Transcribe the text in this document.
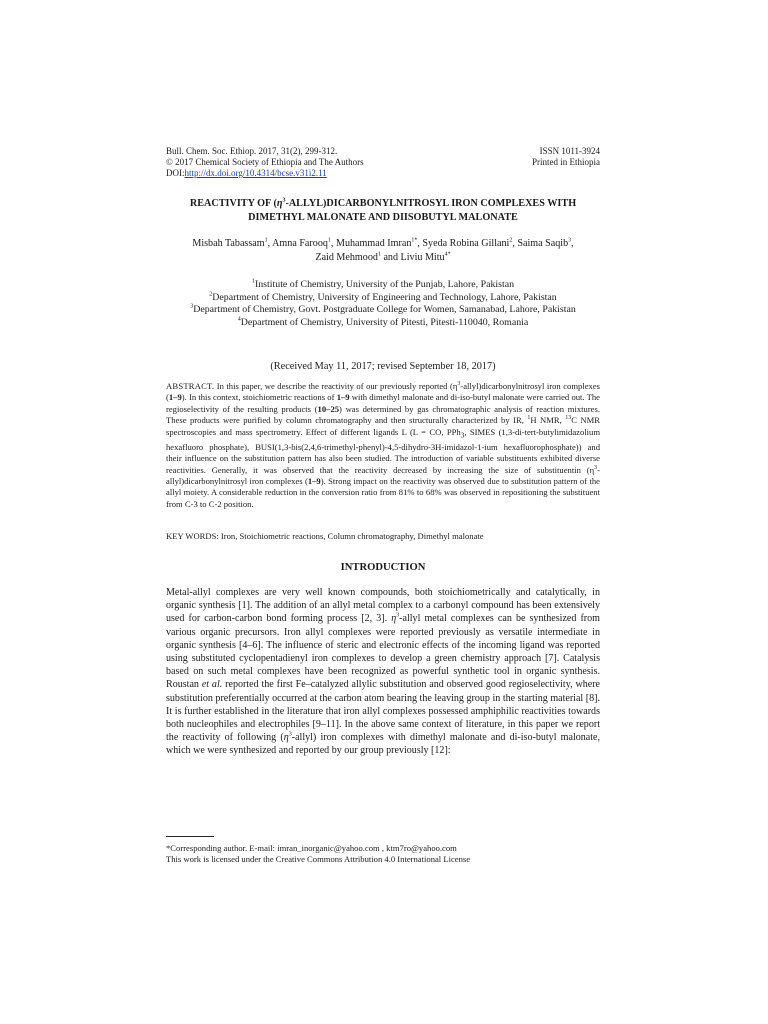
Bull. Chem. Soc. Ethiop. 2017, 31(2), 299-312.	ISSN 1011-3924
© 2017 Chemical Society of Ethiopia and The Authors	Printed in Ethiopia
DOI:http://dx.doi.org/10.4314/bcse.v31i2.11
REACTIVITY OF $(\eta^3-ALLYL)DICARBONYLNITROSYL$ IRON COMPLEXES WITH DIMETHYL MALONATE AND DIISOBUTYL MALONATE
Misbah Tabassam$^1$, Amna Farooq$^1$, Muhammad Imran$^{1*}$, Syeda Robina Gillani$^2$, Saima Saqib$^3$,
Zaid Mehmood$^1$ and Liviu Mitu$^{4*}$
$^1$Institute of Chemistry, University of the Punjab, Lahore, Pakistan
$^2$Department of Chemistry, University of Engineering and Technology, Lahore, Pakistan
$^3$Department of Chemistry, Govt. Postgraduate College for Women, Samanabad, Lahore, Pakistan
$^4$Department of Chemistry, University of Pitesti, Pitesti-110040, Romania
(Received May 11, 2017; revised September 18, 2017)
ABSTRACT. In this paper, we describe the reactivity of our previously reported $(\eta^3-allyl)dicarbonylnitrosyl$ iron complexes (1–9). In this context, stoichiometric reactions of 1–9 with dimethyl malonate and di-iso-butyl malonate were carried out. The regioselectivity of the resulting products (10–25) was determined by gas chromatographic analysis of reaction mixtures. These products were purified by column chromatography and then structurally characterized by IR, $^1$H NMR, $^{13}$C NMR spectroscopies and mass spectrometry. Effect of different ligands L (L = CO, PPh$_3$, SIMES (1,3-di-tert-butylimidazolium hexafluoro phosphate), BUSI(1,3-bis(2,4,6-trimethyl-phenyl)-4,5-dihydro-3H-imidazol-1-ium hexafluorophosphate)) and their influence on the substitution pattern has also been studied. The introduction of variable substituents exhibited diverse reactivities. Generally, it was observed that the reactivity decreased by increasing the size of substituentin $(\eta^3-allyl)dicarbonylnitrosyl$ iron complexes (1–9). Strong impact on the reactivity was observed due to substitution pattern of the allyl moiety. A considerable reduction in the conversion ratio from 81% to 68% was observed in repositioning the substituent from C-3 to C-2 position.
KEY WORDS: Iron, Stoichiometric reactions, Column chromatography, Dimethyl malonate
INTRODUCTION
Metal-allyl complexes are very well known compounds, both stoichiometrically and catalytically, in organic synthesis [1]. The addition of an allyl metal complex to a carbonyl compound has been extensively used for carbon-carbon bond forming process [2, 3]. $\eta^3$-allyl metal complexes can be synthesized from various organic precursors. Iron allyl complexes were reported previously as versatile intermediate in organic synthesis [4–6]. The influence of steric and electronic effects of the incoming ligand was reported using substituted cyclopentadienyl iron complexes to develop a green chemistry approach [7]. Catalysis based on such metal complexes have been recognized as powerful synthetic tool in organic synthesis. Roustan et al. reported the first Fe–catalyzed allylic substitution and observed good regioselectivity, where substitution preferentially occurred at the carbon atom bearing the leaving group in the starting material [8]. It is further established in the literature that iron allyl complexes possessed amphiphilic reactivities towards both nucleophiles and electrophiles [9–11]. In the above same context of literature, in this paper we report the reactivity of following $(\eta^3-allyl)$ iron complexes with dimethyl malonate and di-iso-butyl malonate, which we were synthesized and reported by our group previously [12]:
*Corresponding author. E-mail: imran_inorganic@yahoo.com , ktm7ro@yahoo.com
This work is licensed under the Creative Commons Attribution 4.0 International License
